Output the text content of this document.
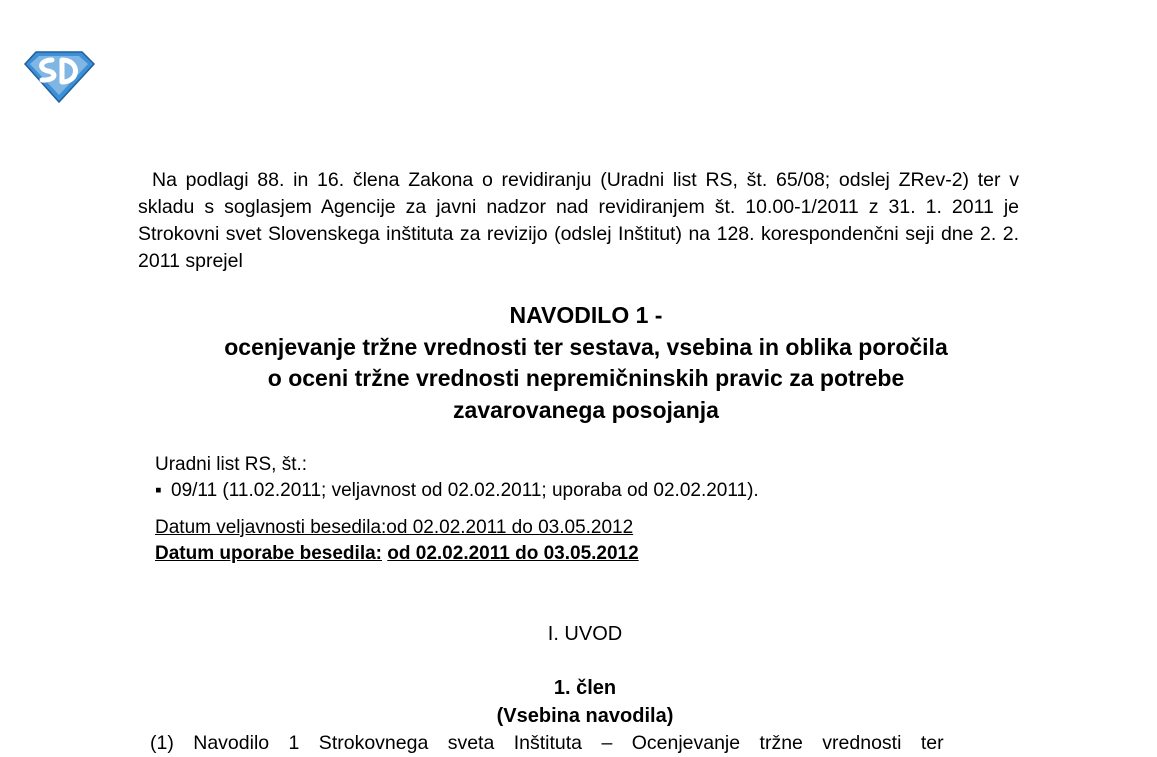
Na podlagi 88. in 16. člena Zakona o revidiranju (Uradni list RS, št. 65/08; odslej ZRev-2) ter v skladu s soglasjem Agencije za javni nadzor nad revidiranjem št. 10.00-1/2011 z 31. 1. 2011 je Strokovni svet Slovenskega inštituta za revizijo (odslej Inštitut) na 128. korespondenčni seji dne 2. 2. 2011 sprejel

NAVODILO 1 -
ocenjevanje tržne vrednosti ter sestava, vsebina in oblika poročila
o oceni tržne vrednosti nepremičninskih pravic za potrebe
zavarovanega posojanja
Uradni list RS, št.:
▪ 09/11 (11.02.2011; veljavnost od 02.02.2011; uporaba od 02.02.2011).
Datum veljavnosti besedila:od 02.02.2011 do 03.05.2012
Datum uporabe besedila: od 02.02.2011 do 03.05.2012
I. UVOD
1. člen
(Vsebina navodila)

(1) Navodilo 1 Strokovnega sveta Inštituta – Ocenjevanje tržne vrednosti ter
